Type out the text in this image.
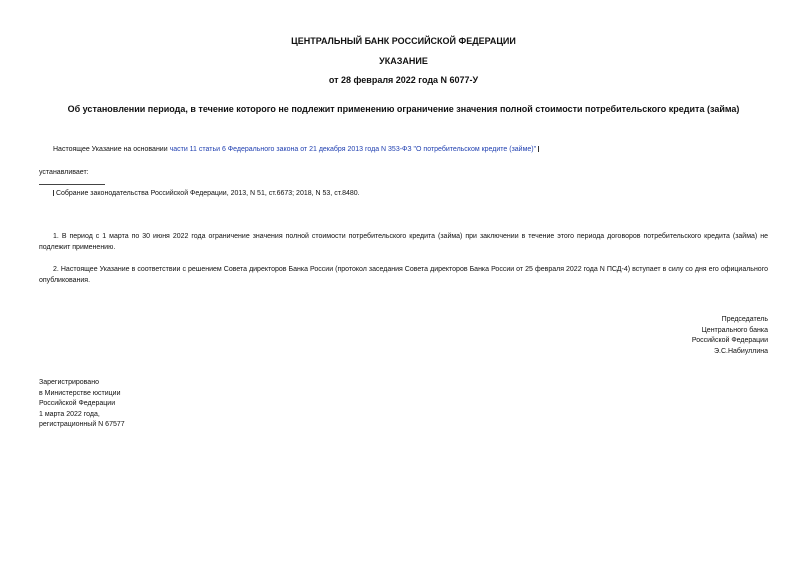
ЦЕНТРАЛЬНЫЙ БАНК РОССИЙСКОЙ ФЕДЕРАЦИИ
УКАЗАНИЕ
от 28 февраля 2022 года N 6077-У
Об установлении периода, в течение которого не подлежит применению ограничение значения полной стоимости потребительского кредита (займа)
Настоящее Указание на основании части 11 статьи 6 Федерального закона от 21 декабря 2013 года N 353-ФЗ "О потребительском кредите (займе)"
устанавливает:
Собрание законодательства Российской Федерации, 2013, N 51, ст.6673; 2018, N 53, ст.8480.
1. В период с 1 марта по 30 июня 2022 года ограничение значения полной стоимости потребительского кредита (займа) при заключении в течение этого периода договоров потребительского кредита (займа) не подлежит применению.
2. Настоящее Указание в соответствии с решением Совета директоров Банка России (протокол заседания Совета директоров Банка России от 25 февраля 2022 года N ПСД-4) вступает в силу со дня его официального опубликования.
Председатель
Центрального банка
Российской Федерации
Э.С.Набиуллина
Зарегистрировано
в Министерстве юстиции
Российской Федерации
1 марта 2022 года,
регистрационный N 67577
